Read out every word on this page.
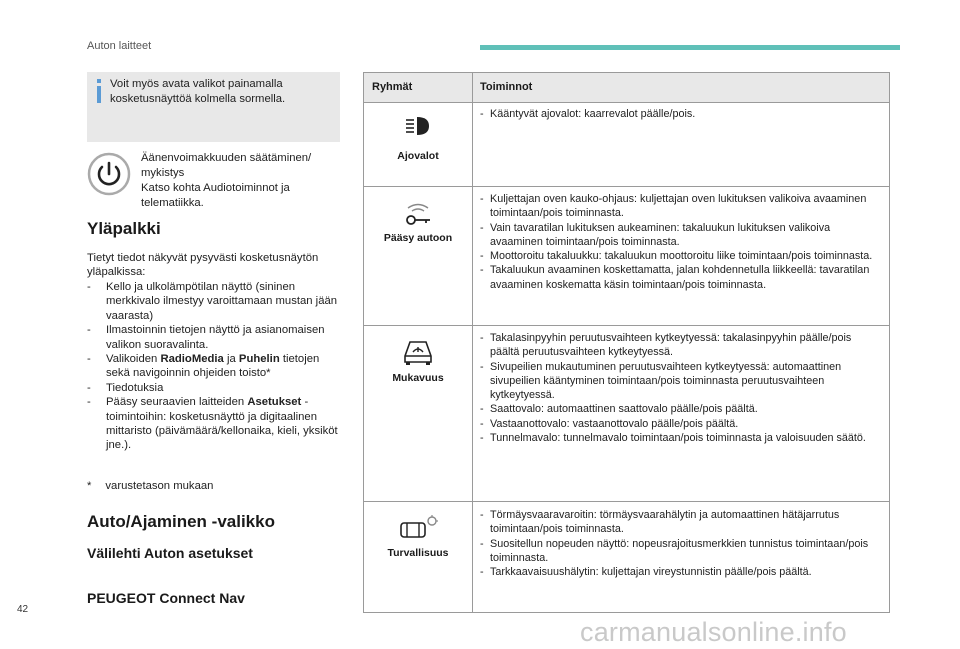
Auton laitteet
Voit myös avata valikot painamalla kosketusnäyttöä kolmella sormella.
Äänenvoimakkuuden säätäminen/
mykistys
Katso kohta Audiotoiminnot ja
telematiikka.
Yläpalkki
Tietyt tiedot näkyvät pysyvästi kosketusnäytön yläpalkissa:
- Kello ja ulkolämpötilan näyttö (sininen merkkivalo ilmestyy varoittamaan mustan jään vaarasta)
- Ilmastoinnin tietojen näyttö ja asianomaisen valikon suoravalinta.
- Valikoiden RadioMedia ja Puhelin tietojen sekä navigoinnin ohjeiden toisto*
- Tiedotuksia
- Pääsy seuraavien laitteiden Asetukset -toimintoihin: kosketusnäyttö ja digitaalinen mittaristo (päivämäärä/kellonaika, kieli, yksiköt jne.).
* varustetason mukaan
Auto/Ajaminen -valikko
Välilehti Auton asetukset
PEUGEOT Connect Nav
42
Ryhmät	Toiminnot
Ajovalot
- Kääntyvät ajovalot: kaarrevalot päälle/pois.
Pääsy autoon
- Kuljettajan oven kauko-ohjaus: kuljettajan oven lukituksen valikoiva avaaminen toimintaan/pois toiminnasta.
- Vain tavaratilan lukituksen aukeaminen: takaluukun lukituksen valikoiva avaaminen toimintaan/pois toiminnasta.
- Moottoroitu takaluukku: takaluukun moottoroitu liike toimintaan/pois toiminnasta.
- Takaluukun avaaminen koskettamatta, jalan kohdennetulla liikkeellä: tavaratilan avaaminen koskematta käsin toimintaan/pois toiminnasta.
Mukavuus
- Takalasinpyyhin peruutusvaihteen kytkeytyessä: takalasinpyyhin päälle/pois päältä peruutusvaihteen kytkeytyessä.
- Sivupeilien mukautuminen peruutusvaihteen kytkeytyessä: automaattinen sivupeilien kääntyminen toimintaan/pois toiminnasta peruutusvaihteen kytkeytyessä.
- Saattovalo: automaattinen saattovalo päälle/pois päältä.
- Vastaanottovalo: vastaanottovalo päälle/pois päältä.
- Tunnelmavalo: tunnelmavalo toimintaan/pois toiminnasta ja valoisuuden säätö.
Turvallisuus
- Törmäysvaaravaroitin: törmäysvaarahälytin ja automaattinen hätäjarrutus toimintaan/pois toiminnasta.
- Suositellun nopeuden näyttö: nopeusrajoitusmerkkien tunnistus toimintaan/pois toiminnasta.
- Tarkkaavaisuushälytin: kuljettajan vireystunnistin päälle/pois päältä.
carmanualsonline.info
